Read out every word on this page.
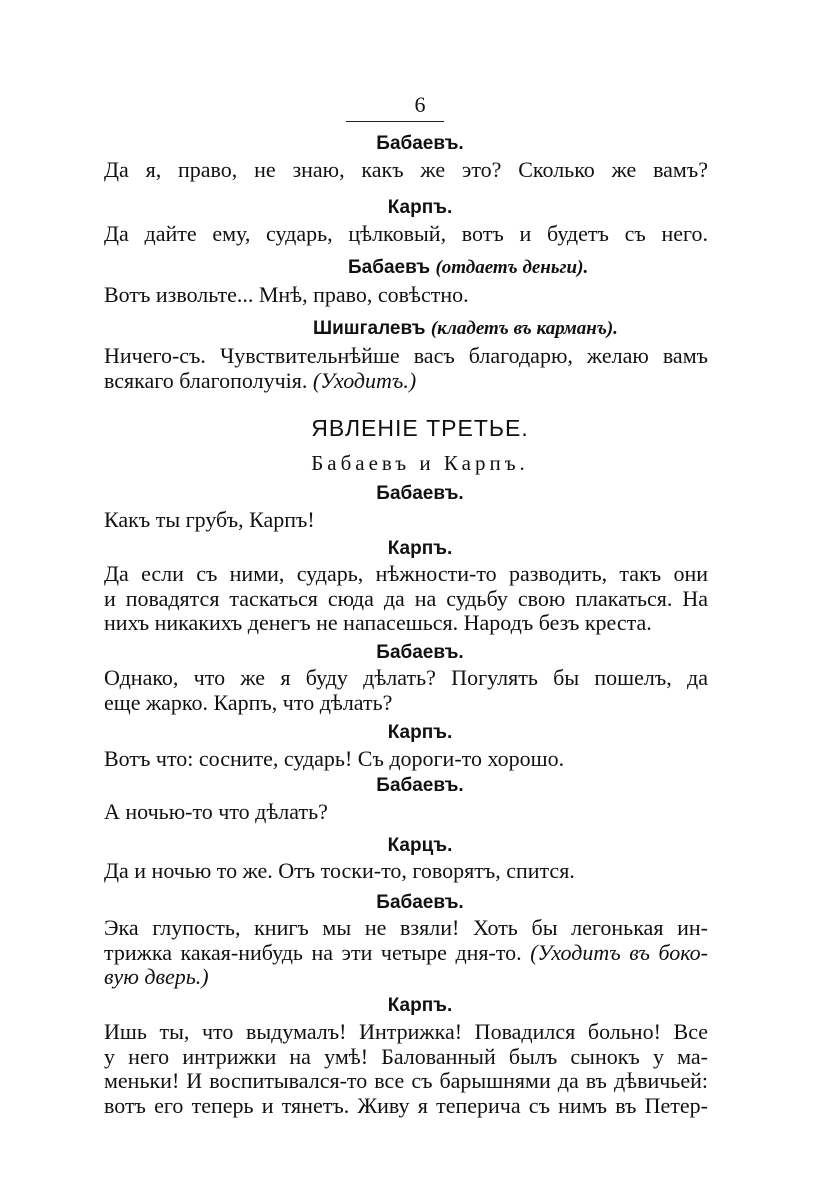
6
Бабаевъ.
Да я, право, не знаю, какъ же это? Сколько же вамъ?
Карпъ.
Да дайте ему, сударь, цѣлковый, вотъ и будетъ съ него.
Бабаевъ (отдаетъ деньги).
Вотъ извольте... Мнѣ, право, совѣстно.
Шишгалевъ (кладетъ въ карманъ).
Ничего-съ. Чувствительнѣйше васъ благодарю, желаю вамъ
всякаго благополучія. (Уходитъ.)
ЯВЛЕНІЕ ТРЕТЬЕ.
Бабаевъ и Карпъ.
Бабаевъ.
Какъ ты грубъ, Карпъ!
Карпъ.
Да если съ ними, сударь, нѣжности-то разводить, такъ они
и повадятся таскаться сюда да на судьбу свою плакаться. На
нихъ никакихъ денегъ не напасешься. Народъ безъ креста.
Бабаевъ.
Однако, что же я буду дѣлать? Погулять бы пошелъ, да
еще жарко. Карпъ, что дѣлать?
Карпъ.
Вотъ что: сосните, сударь! Съ дороги-то хорошо.
Бабаевъ.
А ночью-то что дѣлать?
Карцъ.
Да и ночью то же. Отъ тоски-то, говорятъ, спится.
Бабаевъ.
Эка глупость, книгъ мы не взяли! Хоть бы легонькая ин-
трижка какая-нибудь на эти четыре дня-то. (Уходитъ въ боко-
вую дверь.)
Карпъ.
Ишь ты, что выдумалъ! Интрижка! Повадился больно! Все
у него интрижки на умѣ! Балованный былъ сынокъ у ма-
меньки! И воспитывался-то все съ барышнями да въ дѣвичьей:
вотъ его теперь и тянетъ. Живу я теперича съ нимъ въ Петер-
